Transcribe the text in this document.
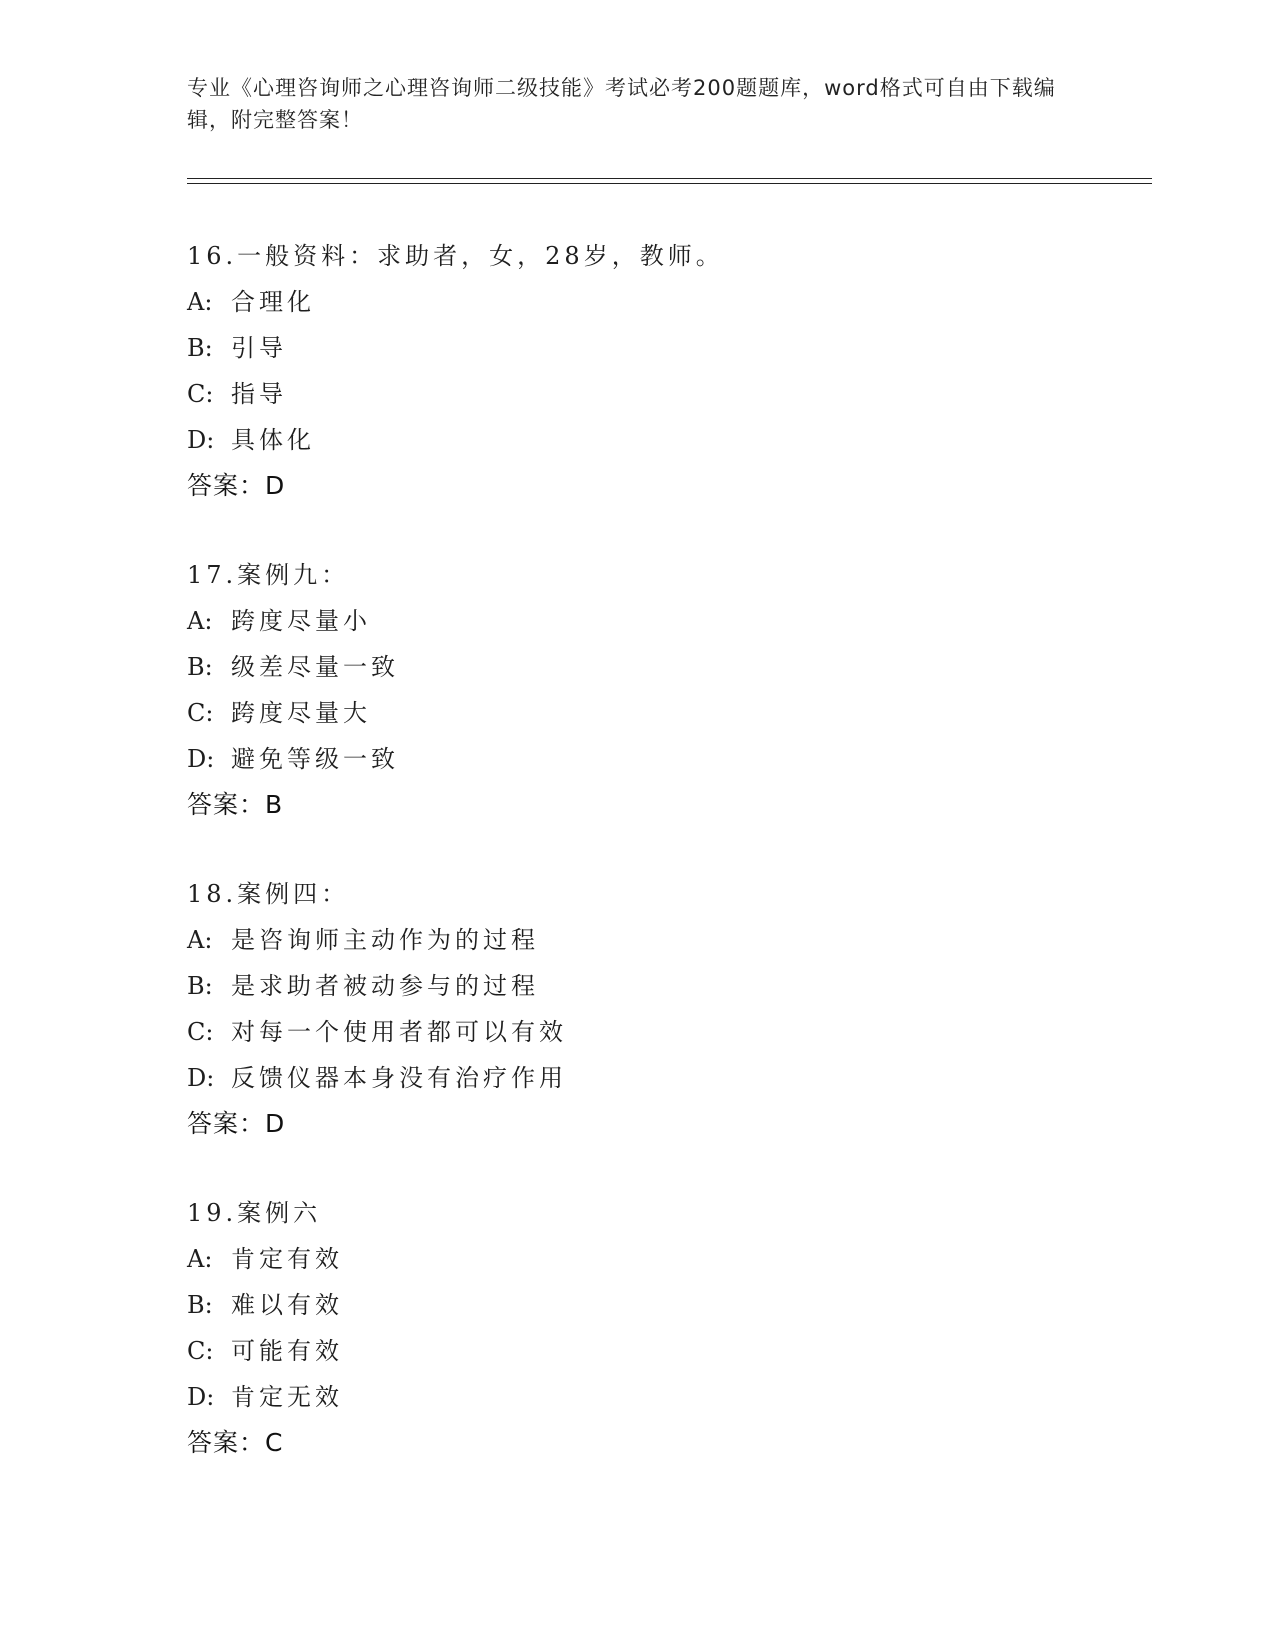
专业《心理咨询师之心理咨询师二级技能》考试必考200题题库，word格式可自由下载编辑，附完整答案！
16.一般资料：求助者，女，28岁，教师。
A: 合理化
B: 引导
C: 指导
D: 具体化
答案：D
17.案例九：
A: 跨度尽量小
B: 级差尽量一致
C: 跨度尽量大
D: 避免等级一致
答案：B
18.案例四：
A: 是咨询师主动作为的过程
B: 是求助者被动参与的过程
C: 对每一个使用者都可以有效
D: 反馈仪器本身没有治疗作用
答案：D
19.案例六
A: 肯定有效
B: 难以有效
C: 可能有效
D: 肯定无效
答案：C
